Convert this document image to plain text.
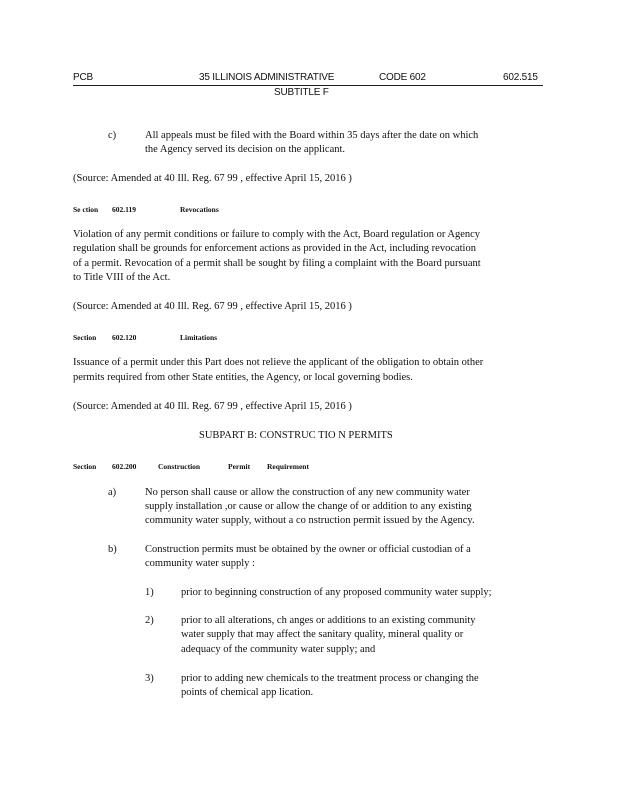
PCB	35 ILLINOIS ADMINISTRATIVE	CODE 602	602.515
SUBTITLE F
c)	All appeals must be filed with the Board within 35 days after the date on which
the Agency served its decision on the applicant.
(Source: Amended at 40 Ill. Reg. 67 99 , effective April 15, 2016 )
Se ction 602.119	Revocations
Violation of any permit conditions or failure to comply with the Act, Board regulation or Agency
regulation shall be grounds for enforcement actions as provided in the Act, including revocation
of a permit. Revocation of a permit shall be sought by filing a complaint with the Board pursuant
to Title VIII of the Act.
(Source: Amended at 40 Ill. Reg. 67 99 , effective April 15, 2016 )
Section 602.120	Limitations
Issuance of a permit under this Part does not relieve the applicant of the obligation to obtain other
permits required from other State entities, the Agency, or local governing bodies.
(Source: Amended at 40 Ill. Reg. 67 99 , effective April 15, 2016 )
SUBPART B: CONSTRUC TIO N PERMITS
Section 602.200	Construction	Permit Requirement
a)	No person shall cause or allow the construction of any new community water
supply installation ,or cause or allow the change of or addition to any existing
community water supply, without a co nstruction permit issued by the Agency.
b)	Construction permits must be obtained by the owner or official custodian of a
community water supply :
1)	prior to beginning construction of any proposed community water supply;
2)	prior to all alterations, ch anges or additions to an existing community
water supply that may affect the sanitary quality, mineral quality or
adequacy of the community water supply; and
3)	prior to adding new chemicals to the treatment process or changing the
points of chemical app lication.
